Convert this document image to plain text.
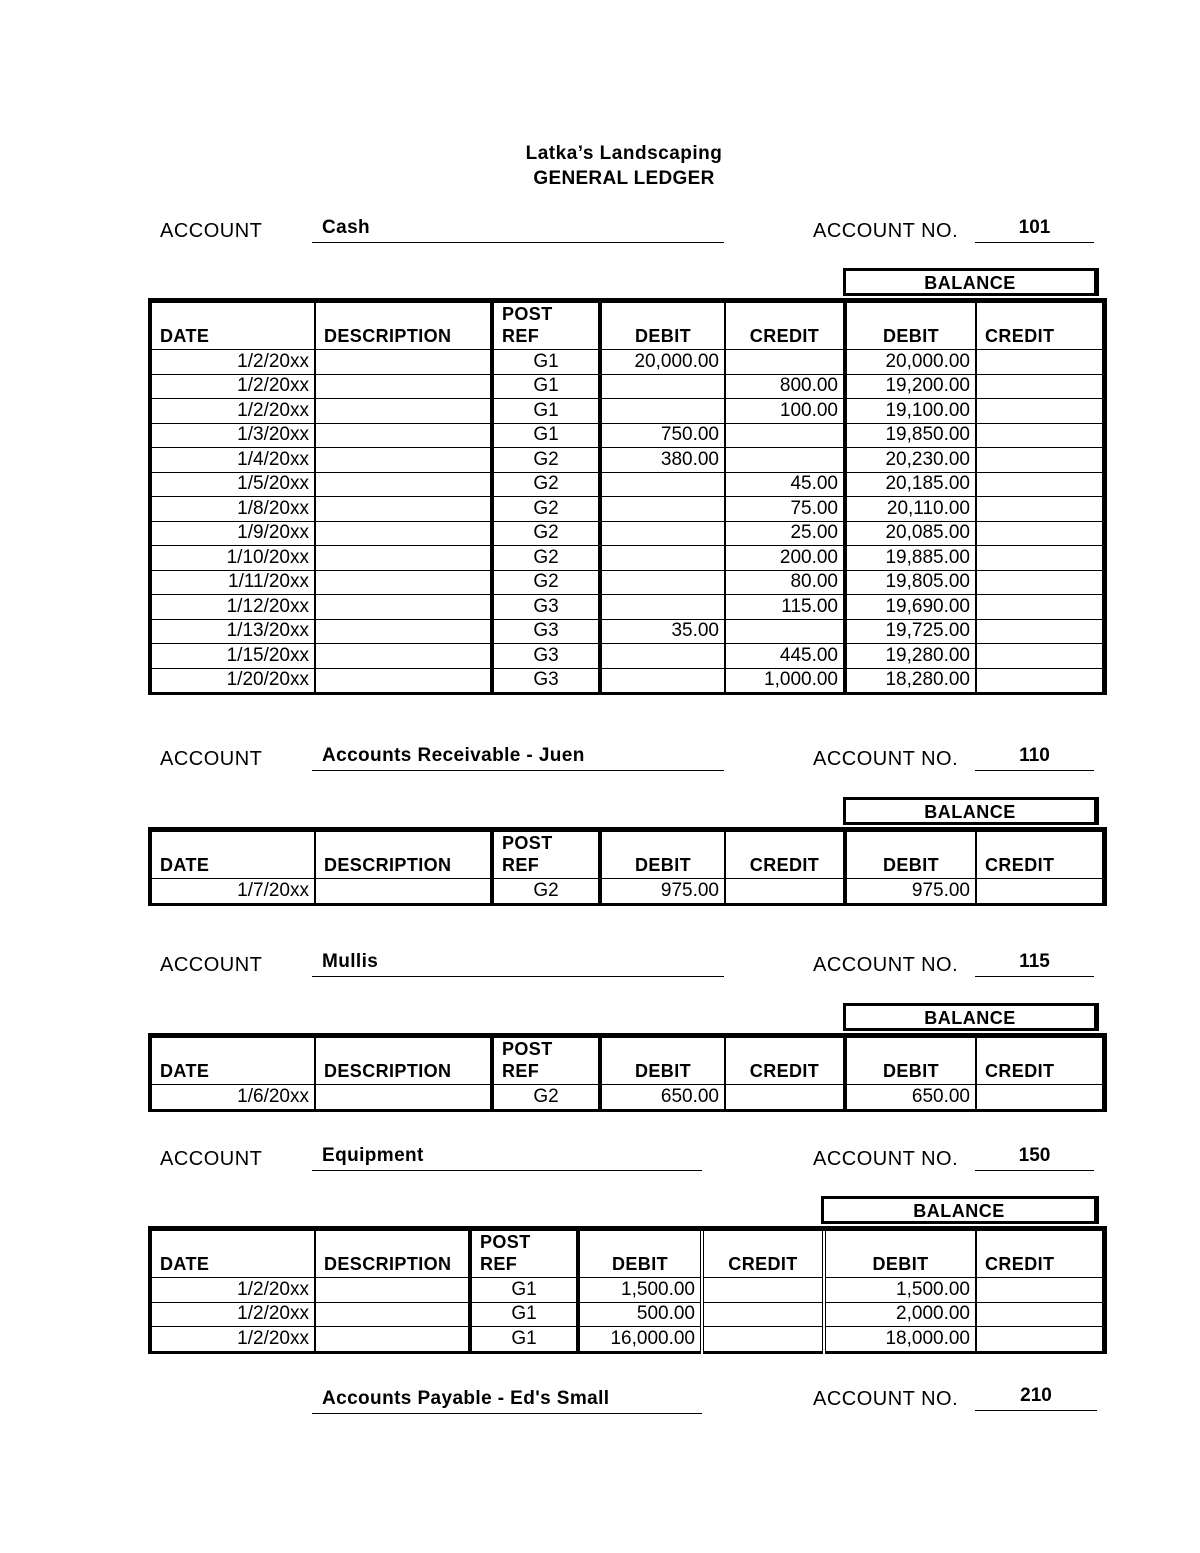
Latka’s Landscaping
GENERAL LEDGER
ACCOUNT	Cash	ACCOUNT NO.	101
BALANCE
DATE	DESCRIPTION	POST
REF	DEBIT	CREDIT	DEBIT	CREDIT
1/2/20xx		G1	20,000.00		20,000.00	
1/2/20xx		G1		800.00	19,200.00	
1/2/20xx		G1		100.00	19,100.00	
1/3/20xx		G1	750.00		19,850.00	
1/4/20xx		G2	380.00		20,230.00	
1/5/20xx		G2		45.00	20,185.00	
1/8/20xx		G2		75.00	20,110.00	
1/9/20xx		G2		25.00	20,085.00	
1/10/20xx		G2		200.00	19,885.00	
1/11/20xx		G2		80.00	19,805.00	
1/12/20xx		G3		115.00	19,690.00	
1/13/20xx		G3	35.00		19,725.00	
1/15/20xx		G3		445.00	19,280.00	
1/20/20xx		G3		1,000.00	18,280.00	
ACCOUNT	Accounts Receivable - Juen	ACCOUNT NO.	110
BALANCE
DATE	DESCRIPTION	POST
REF	DEBIT	CREDIT	DEBIT	CREDIT
1/7/20xx		G2	975.00		975.00	
ACCOUNT	Mullis	ACCOUNT NO.	115
BALANCE
DATE	DESCRIPTION	POST
REF	DEBIT	CREDIT	DEBIT	CREDIT
1/6/20xx		G2	650.00		650.00	
ACCOUNT	Equipment	ACCOUNT NO.	150
BALANCE
DATE	DESCRIPTION	POST
REF	DEBIT	CREDIT	DEBIT	CREDIT
1/2/20xx		G1	1,500.00		1,500.00	
1/2/20xx		G1	500.00		2,000.00	
1/2/20xx		G1	16,000.00		18,000.00	
Accounts Payable - Ed's Small	ACCOUNT NO.	210
